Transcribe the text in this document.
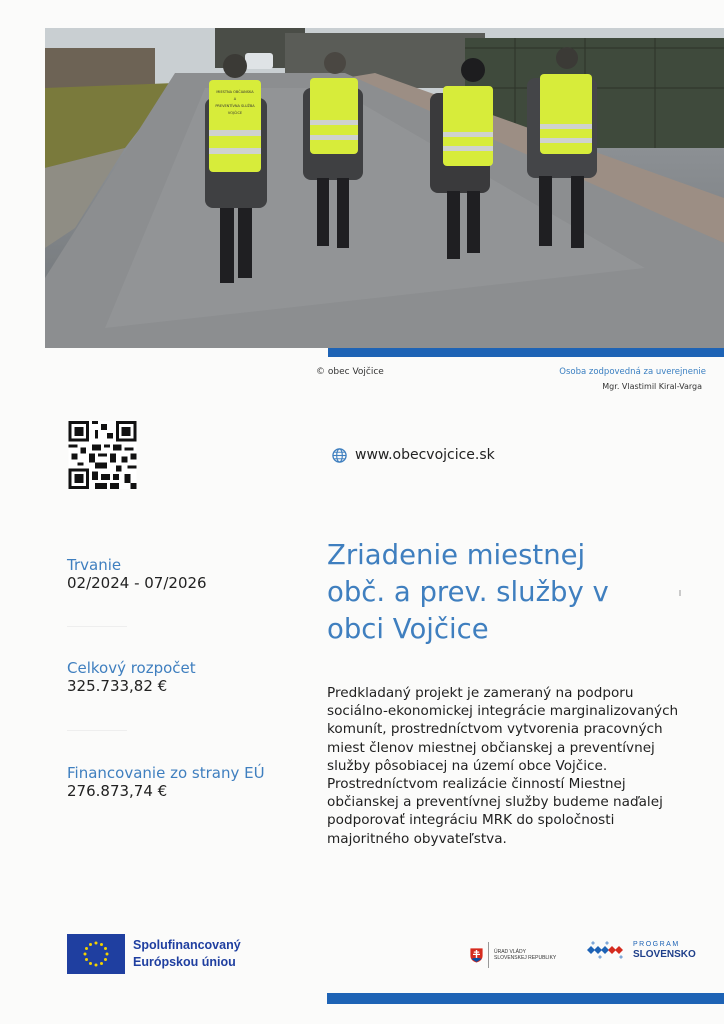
MIESTNA OBČIANSKA
A
PREVENTÍVNA SLUŽBA
VOJČICE
© obec Vojčice	Osoba zodpovedná za uverejnenie
Mgr. Vlastimil Kiral-Varga
www.obecvojcice.sk
Trvanie
02/2024 - 07/2026
Celkový rozpočet
325.733,82 €
Financovanie zo strany EÚ
276.873,74 €
Zriadenie miestnej
obč. a prev. služby v
obci Vojčice

Predkladaný projekt je zameraný na podporu sociálno-ekonomickej integrácie marginalizovaných komunít, prostredníctvom vytvorenia pracovných miest členov miestnej občianskej a preventívnej služby pôsobiacej na území obce Vojčice. Prostredníctvom realizácie činností Miestnej občianskej a preventívnej služby budeme naďalej podporovať integráciu MRK do spoločnosti majoritného obyvateľstva.

Spolufinancovaný
Európskou úniou
ÚRAD VLÁDY
SLOVENSKEJ REPUBLIKY
PROGRAM
SLOVENSKO
